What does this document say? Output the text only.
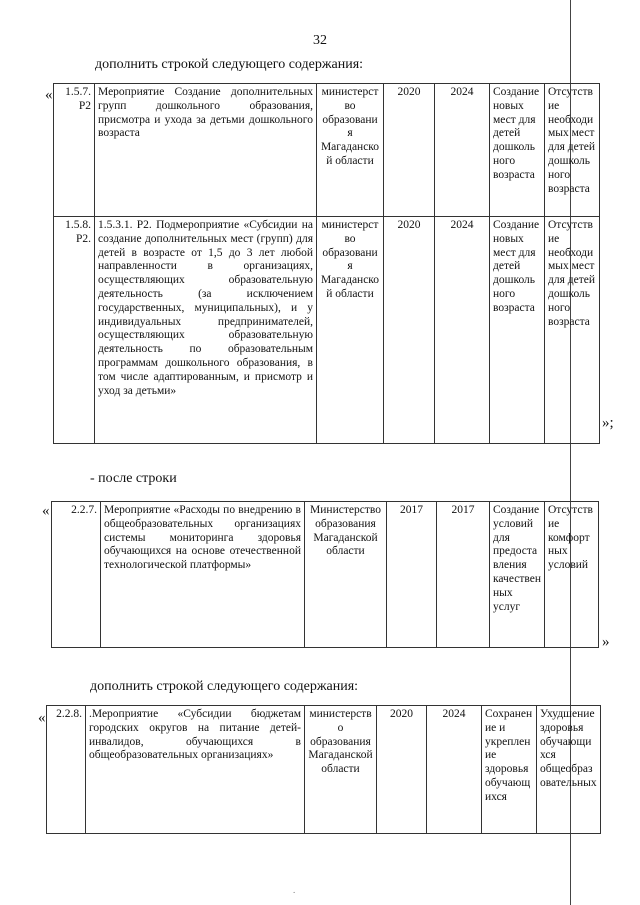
32
дополнить строкой следующего содержания:
« 1.5.7. Р2	Мероприятие Создание дополнительных групп дошкольного образования, присмотра и ухода за детьми дошкольного возраста	министерство образования Магаданской области	2020	2024	Создание новых мест для детей дошкольного возраста	Отсутствие необходимых мест для детей дошкольного возраста
1.5.8. Р2.	1.5.3.1. Р2. Подмероприятие «Субсидии на создание дополнительных мест (групп) для детей в возрасте от 1,5 до 3 лет любой направленности в организациях, осуществляющих образовательную деятельность (за исключением государственных, муниципальных), и у индивидуальных предпринимателей, осуществляющих образовательную деятельность по образовательным программам дошкольного образования, в том числе адаптированным, и присмотр и уход за детьми»	министерство образования Магаданской области	2020	2024	Создание новых мест для детей дошкольного возраста	Отсутствие необходимых мест для детей дошкольного возраста
»;
- после строки
« 2.2.7.	Мероприятие «Расходы по внедрению в общеобразовательных организациях системы мониторинга здоровья обучающихся на основе отечественной технологической платформы»	Министерство образования Магаданской области	2017	2017	Создание условий для предоставления качественных услуг	Отсутствие комфортных условий
»
дополнить строкой следующего содержания:
« 2.2.8.	.Мероприятие «Субсидии бюджетам городских округов на питание детей-инвалидов, обучающихся в общеобразовательных организациях»	министерство образования Магаданской области	2020	2024	Сохранение и укрепление здоровья обучающихся	Ухудшение здоровья обучающихся общеобразовательных
.
